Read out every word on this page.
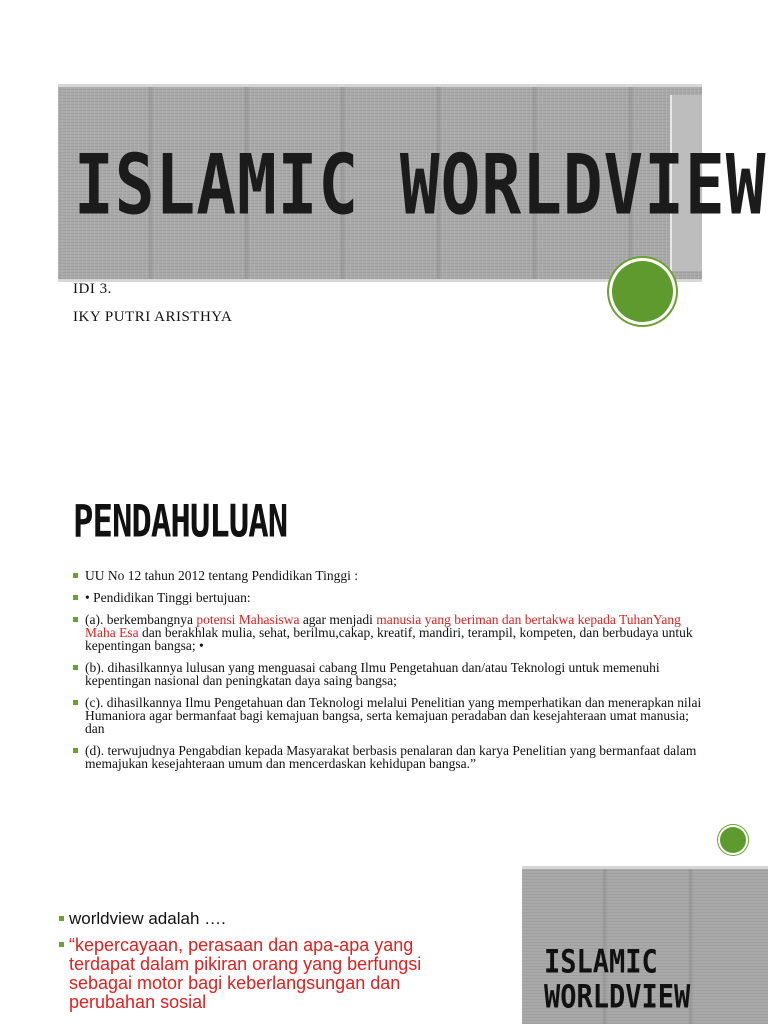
ISLAMIC WORLDVIEW
IDI 3.
IKY PUTRI ARISTHYA
PENDAHULUAN
UU No 12 tahun 2012 tentang Pendidikan Tinggi :
• Pendidikan Tinggi bertujuan:
(a). berkembangnya potensi Mahasiswa agar menjadi manusia yang beriman dan bertakwa kepada TuhanYang Maha Esa dan berakhlak mulia, sehat, berilmu,cakap, kreatif, mandiri, terampil, kompeten, dan berbudaya untuk kepentingan bangsa; •
(b). dihasilkannya lulusan yang menguasai cabang Ilmu Pengetahuan dan/atau Teknologi untuk memenuhi kepentingan nasional dan peningkatan daya saing bangsa;
(c). dihasilkannya Ilmu Pengetahuan dan Teknologi melalui Penelitian yang memperhatikan dan menerapkan nilai Humaniora agar bermanfaat bagi kemajuan bangsa, serta kemajuan peradaban dan kesejahteraan umat manusia; dan
(d). terwujudnya Pengabdian kepada Masyarakat berbasis penalaran dan karya Penelitian yang bermanfaat dalam memajukan kesejahteraan umum dan mencerdaskan kehidupan bangsa.”
ISLAMIC
WORLDVIEW
worldview adalah ….
“kepercayaan, perasaan dan apa-apa yang terdapat dalam pikiran orang yang berfungsi sebagai motor bagi keberlangsungan dan perubahan sosial
